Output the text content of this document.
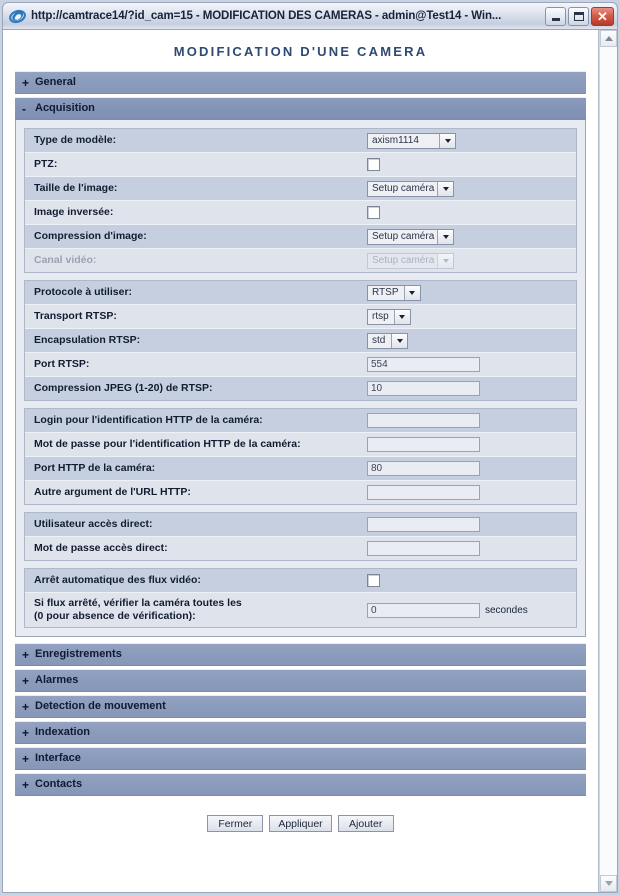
http://camtrace14/?id_cam=15 - MODIFICATION DES CAMERAS - admin@Test14 - Win...	✕
MODIFICATION D'UNE CAMERA
+ General
- Acquisition
Type de modèle:	axism1114
PTZ:
Taille de l'image:	Setup caméra
Image inversée:
Compression d'image:	Setup caméra
Canal vidéo:	Setup caméra
Protocole à utiliser:	RTSP
Transport RTSP:	rtsp
Encapsulation RTSP:	std
Port RTSP:	554
Compression JPEG (1-20) de RTSP:	10
Login pour l'identification HTTP de la caméra:
Mot de passe pour l'identification HTTP de la caméra:
Port HTTP de la caméra:	80
Autre argument de l'URL HTTP:
Utilisateur accès direct:
Mot de passe accès direct:
Arrêt automatique des flux vidéo:
Si flux arrêté, vérifier la caméra toutes les
(0 pour absence de vérification):	0	secondes
+ Enregistrements
+ Alarmes
+ Detection de mouvement
+ Indexation
+ Interface
+ Contacts
Fermer	Appliquer	Ajouter
